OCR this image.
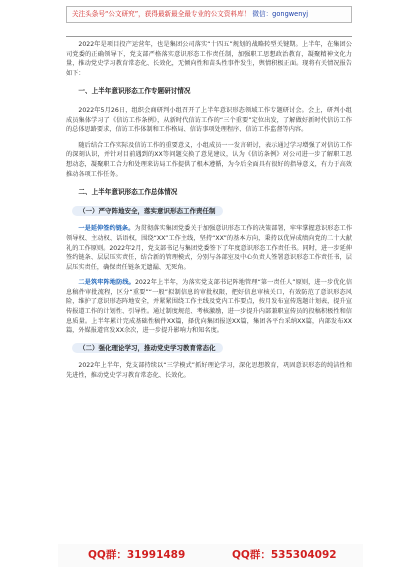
关注头条号“公文研究”，获得最新最全最专业的公文资料库！ 微信：gongwenyj

2022年是项目投产运营年，也是集团公司落实“十四五”规划的战略转型关键期。上半年，在集团公司党委的正确领导下，党支部严格落实意识形态工作责任制，加强职工思想政治教育，凝聚精神文化力量，推动党史学习教育常态化、长效化，无倾向性和苗头性事件发生，舆情积极正面。现将有关情况报告如下：

一、上半年意识形态工作专题研讨情况

2022年5月26日，组织会商研判小组召开了上半年意识形态领域工作专题研讨会。会上，研判小组成员集体学习了《信访工作条例》，从新时代信访工作的“三个重要”定位出发，了解做好新时代信访工作的总体思路要求，信访工作体制和工作格局、信访事项处理程序、信访工作监督等内容。

随后结合工作实际及信访工作的重要意义，小组成员一一发言研讨，表示通过学习增强了对信访工作的深刻认识，并针对目前遇到的XX等问题交换了意见建议，认为《信访条例》对公司进一步了解职工思想动态，凝聚职工合力和处理来访局工作提供了根本遵循，为今后全面具有很好的指导意义，有力于高效推动各项工作任务。

二、上半年意识形态工作总体情况
（一）严守阵地安全，落实意识形态工作责任制

一是延伸签约链条。为贯彻落实集团党委关于加强意识形态工作的决策部署，牢牢掌握意识形态工作领导权、主动权、话语权，围绕“XX”工作主线，坚持“XX”的基本方向，秉持以优异成绩向党的二十大献礼的工作原则。2022年2月，党支部书记与集团党委签下了年度意识形态工作责任书。同时，进一步延伸签约链条、层层压实责任，结合新的管理模式，分别与各部室及中心负责人签署意识形态工作责任书，层层压实责任，确保责任链条无遗漏、无死角。

二是筑牢阵地防线。2022年上半年，为落实党支部书记阵地管理“第一责任人”原则，进一步优化信息稿件审批流程，区分“重要”“一般”拟制信息的审批权限，把好信息审核关口，有效防范了意识形态风险，维护了意识形态阵地安全，并紧紧围绕工作主线及党内工作要点，按月发布宣传选题计划表，提升宣传报道工作的计划性、引导性。通过制度规范、考核激励，进一步提升内部兼职宣传员的投稿积极性和信息质量。上半年累计完成基础性稿件XX篇，择优向集团报送XX篇，集团各平台采纳XX篇，内部发布XX篇，外媒报道官发XX余次，进一步提升影响力和知名度。

（二）强化理论学习，推动党史学习教育常态化

2022年上半年，党支部持续以“三学模式”抓好理论学习，深化思想教育，巩固意识形态的纯洁性和先进性，推动党史学习教育常态化、长效化。

QQ群：31991489	QQ群：535304092
